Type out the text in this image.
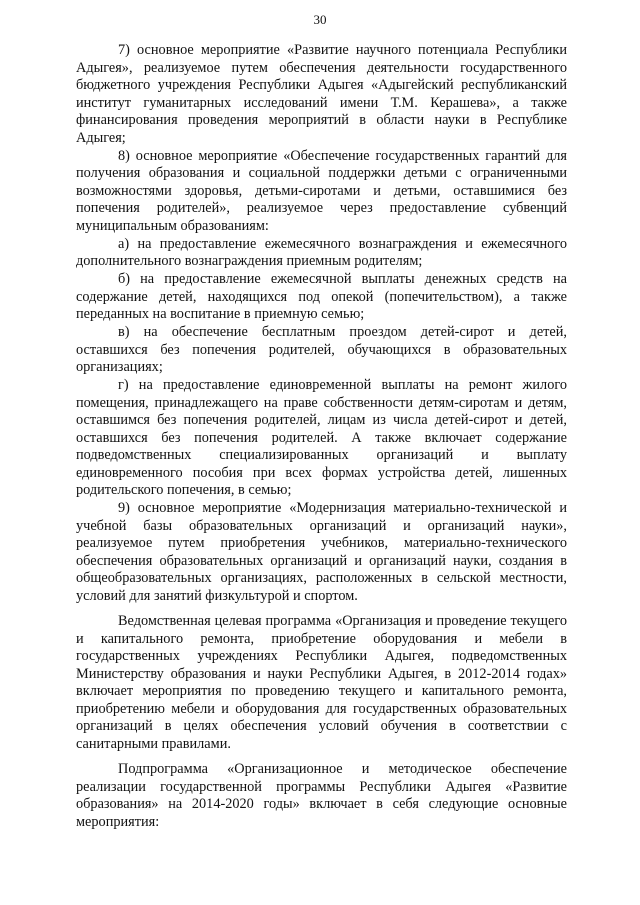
30

7) основное мероприятие «Развитие научного потенциала Республики Адыгея», реализуемое путем обеспечения деятельности государственного бюджетного учреждения Республики Адыгея «Адыгейский республиканский институт гуманитарных исследований имени Т.М. Керашева», а также финансирования проведения мероприятий в области науки в Республике Адыгея;

8) основное мероприятие «Обеспечение государственных гарантий для получения образования и социальной поддержки детьми с ограниченными возможностями здоровья, детьми-сиротами и детьми, оставшимися без попечения родителей», реализуемое через предоставление субвенций муниципальным образованиям:

а) на предоставление ежемесячного вознаграждения и ежемесячного дополнительного вознаграждения приемным родителям;

б) на предоставление ежемесячной выплаты денежных средств на содержание детей, находящихся под опекой (попечительством), а также переданных на воспитание в приемную семью;

в) на обеспечение бесплатным проездом детей-сирот и детей, оставшихся без попечения родителей, обучающихся в образовательных организациях;

г) на предоставление единовременной выплаты на ремонт жилого помещения, принадлежащего на праве собственности детям-сиротам и детям, оставшимся без попечения родителей, лицам из числа детей-сирот и детей, оставшихся без попечения родителей. А также включает содержание подведомственных специализированных организаций и выплату единовременного пособия при всех формах устройства детей, лишенных родительского попечения, в семью;

9) основное мероприятие «Модернизация материально-технической и учебной базы образовательных организаций и организаций науки», реализуемое путем приобретения учебников, материально-технического обеспечения образовательных организаций и организаций науки, создания в общеобразовательных организациях, расположенных в сельской местности, условий для занятий физкультурой и спортом.

Ведомственная целевая программа «Организация и проведение текущего и капитального ремонта, приобретение оборудования и мебели в государственных учреждениях Республики Адыгея, подведомственных Министерству образования и науки Республики Адыгея, в 2012-2014 годах» включает мероприятия по проведению текущего и капитального ремонта, приобретению мебели и оборудования для государственных образовательных организаций в целях обеспечения условий обучения в соответствии с санитарными правилами.

Подпрограмма «Организационное и методическое обеспечение реализации государственной программы Республики Адыгея «Развитие образования» на 2014-2020 годы» включает в себя следующие основные мероприятия:
